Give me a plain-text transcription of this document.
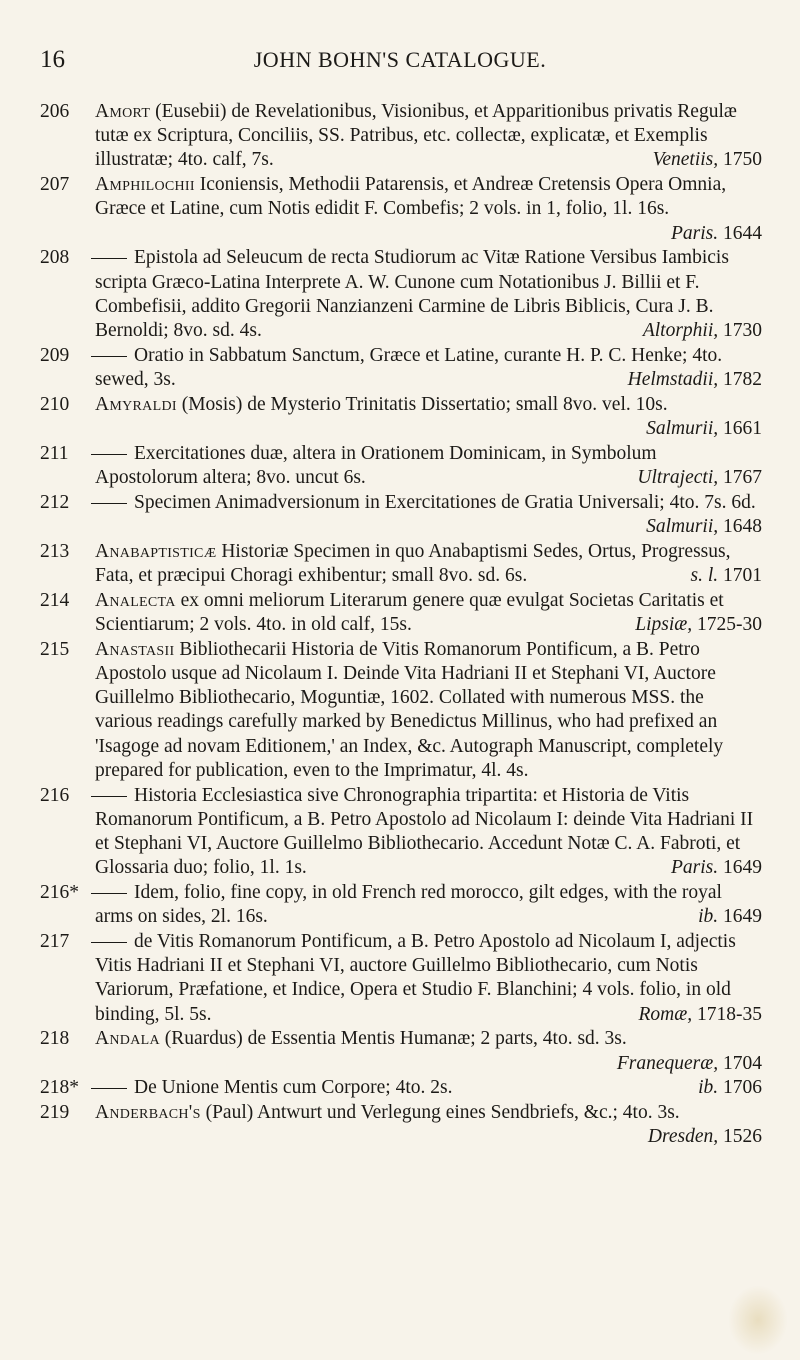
16	JOHN BOHN'S CATALOGUE.
206	Amort (Eusebii) de Revelationibus, Visionibus, et Apparitionibus privatis Regulæ tutæ ex Scriptura, Conciliis, SS. Patribus, etc. collectæ, explicatæ, et Exemplis illustratæ; 4to. calf, 7s.	Venetiis, 1750
207	Amphilochii Iconiensis, Methodii Patarensis, et Andreæ Cretensis Opera Omnia, Græce et Latine, cum Notis edidit F. Combefis; 2 vols. in 1, folio, 1l. 16s.
Paris. 1644
208	Epistola ad Seleucum de recta Studiorum ac Vitæ Ratione Versibus Iambicis scripta Græco-Latina Interprete A. W. Cunone cum Notationibus J. Billii et F. Combefisii, addito Gregorii Nanzianzeni Carmine de Libris Biblicis, Cura J. B. Bernoldi; 8vo. sd. 4s.	Altorphii, 1730
209	Oratio in Sabbatum Sanctum, Græce et Latine, curante H. P. C. Henke; 4to. sewed, 3s.	Helmstadii, 1782
210	Amyraldi (Mosis) de Mysterio Trinitatis Dissertatio; small 8vo. vel. 10s.
Salmurii, 1661
211	Exercitationes duæ, altera in Orationem Dominicam, in Symbolum Apostolorum altera; 8vo. uncut 6s.	Ultrajecti, 1767
212	Specimen Animadversionum in Exercitationes de Gratia Universali; 4to. 7s. 6d.
Salmurii, 1648
213	Anabaptisticæ Historiæ Specimen in quo Anabaptismi Sedes, Ortus, Progressus, Fata, et præcipui Choragi exhibentur; small 8vo. sd. 6s.	s. l. 1701
214	Analecta ex omni meliorum Literarum genere quæ evulgat Societas Caritatis et Scientiarum; 2 vols. 4to. in old calf, 15s.	Lipsiæ, 1725-30
215	Anastasii Bibliothecarii Historia de Vitis Romanorum Pontificum, a B. Petro Apostolo usque ad Nicolaum I. Deinde Vita Hadriani II et Stephani VI, Auctore Guillelmo Bibliothecario, Moguntiæ, 1602. Collated with numerous MSS. the various readings carefully marked by Benedictus Millinus, who had prefixed an 'Isagoge ad novam Editionem,' an Index, &c. Autograph Manuscript, completely prepared for publication, even to the Imprimatur, 4l. 4s.
216	Historia Ecclesiastica sive Chronographia tripartita: et Historia de Vitis Romanorum Pontificum, a B. Petro Apostolo ad Nicolaum I: deinde Vita Hadriani II et Stephani VI, Auctore Guillelmo Bibliothecario. Accedunt Notæ C. A. Fabroti, et Glossaria duo; folio, 1l. 1s.	Paris. 1649
216*	Idem, folio, fine copy, in old French red morocco, gilt edges, with the royal arms on sides, 2l. 16s.	ib. 1649
217	de Vitis Romanorum Pontificum, a B. Petro Apostolo ad Nicolaum I, adjectis Vitis Hadriani II et Stephani VI, auctore Guillelmo Bibliothecario, cum Notis Variorum, Præfatione, et Indice, Opera et Studio F. Blanchini; 4 vols. folio, in old binding, 5l. 5s.	Romæ, 1718-35
218	Andala (Ruardus) de Essentia Mentis Humanæ; 2 parts, 4to. sd. 3s.
Franequeræ, 1704
218*	De Unione Mentis cum Corpore; 4to. 2s.	ib. 1706
219	Anderbach's (Paul) Antwurt und Verlegung eines Sendbriefs, &c.; 4to. 3s.
Dresden, 1526
